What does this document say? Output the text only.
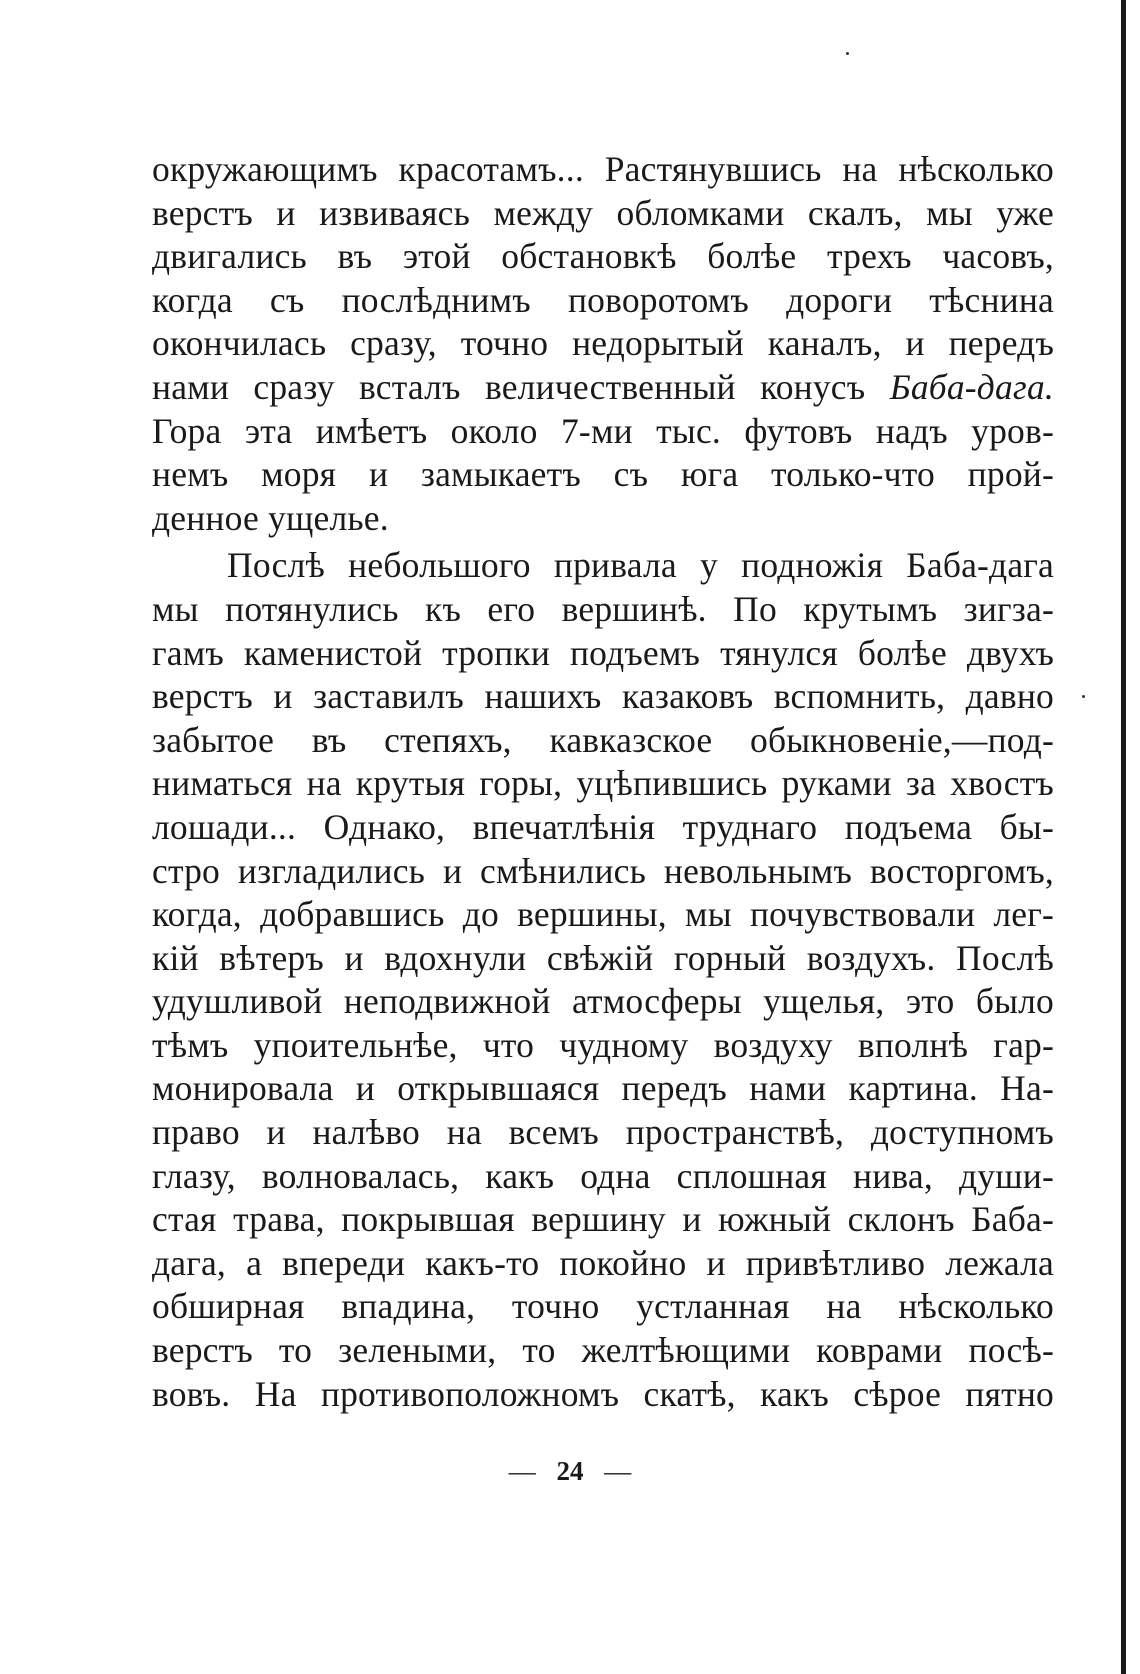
окружающимъ красотамъ... Растянувшись на нѣсколько
верстъ и извиваясь между обломками скалъ, мы уже
двигались въ этой обстановкѣ болѣе трехъ часовъ,
когда съ послѣднимъ поворотомъ дороги тѣснина
окончилась сразу, точно недорытый каналъ, и передъ
нами сразу всталъ величественный конусъ Баба-дага.
Гора эта имѣетъ около 7-ми тыс. футовъ надъ уров-
немъ моря и замыкаетъ съ юга только-что прой-
денное ущелье.
Послѣ небольшого привала у подножія Баба-дага
мы потянулись къ его вершинѣ. По крутымъ зигза-
гамъ каменистой тропки подъемъ тянулся болѣе двухъ
верстъ и заставилъ нашихъ казаковъ вспомнить, давно
забытое въ степяхъ, кавказское обыкновеніе,—под-
ниматься на крутыя горы, уцѣпившись руками за хвостъ
лошади... Однако, впечатлѣнія труднаго подъема бы-
стро изгладились и смѣнились невольнымъ восторгомъ,
когда, добравшись до вершины, мы почувствовали лег-
кій вѣтеръ и вдохнули свѣжій горный воздухъ. Послѣ
удушливой неподвижной атмосферы ущелья, это было
тѣмъ упоительнѣе, что чудному воздуху вполнѣ гар-
монировала и открывшаяся передъ нами картина. На-
право и налѣво на всемъ пространствѣ, доступномъ
глазу, волновалась, какъ одна сплошная нива, души-
стая трава, покрывшая вершину и южный склонъ Баба-
дага, а впереди какъ-то покойно и привѣтливо лежала
обширная впадина, точно устланная на нѣсколько
верстъ то зелеными, то желтѣющими коврами посѣ-
вовъ. На противоположномъ скатѣ, какъ сѣрое пятно
— 24 —
